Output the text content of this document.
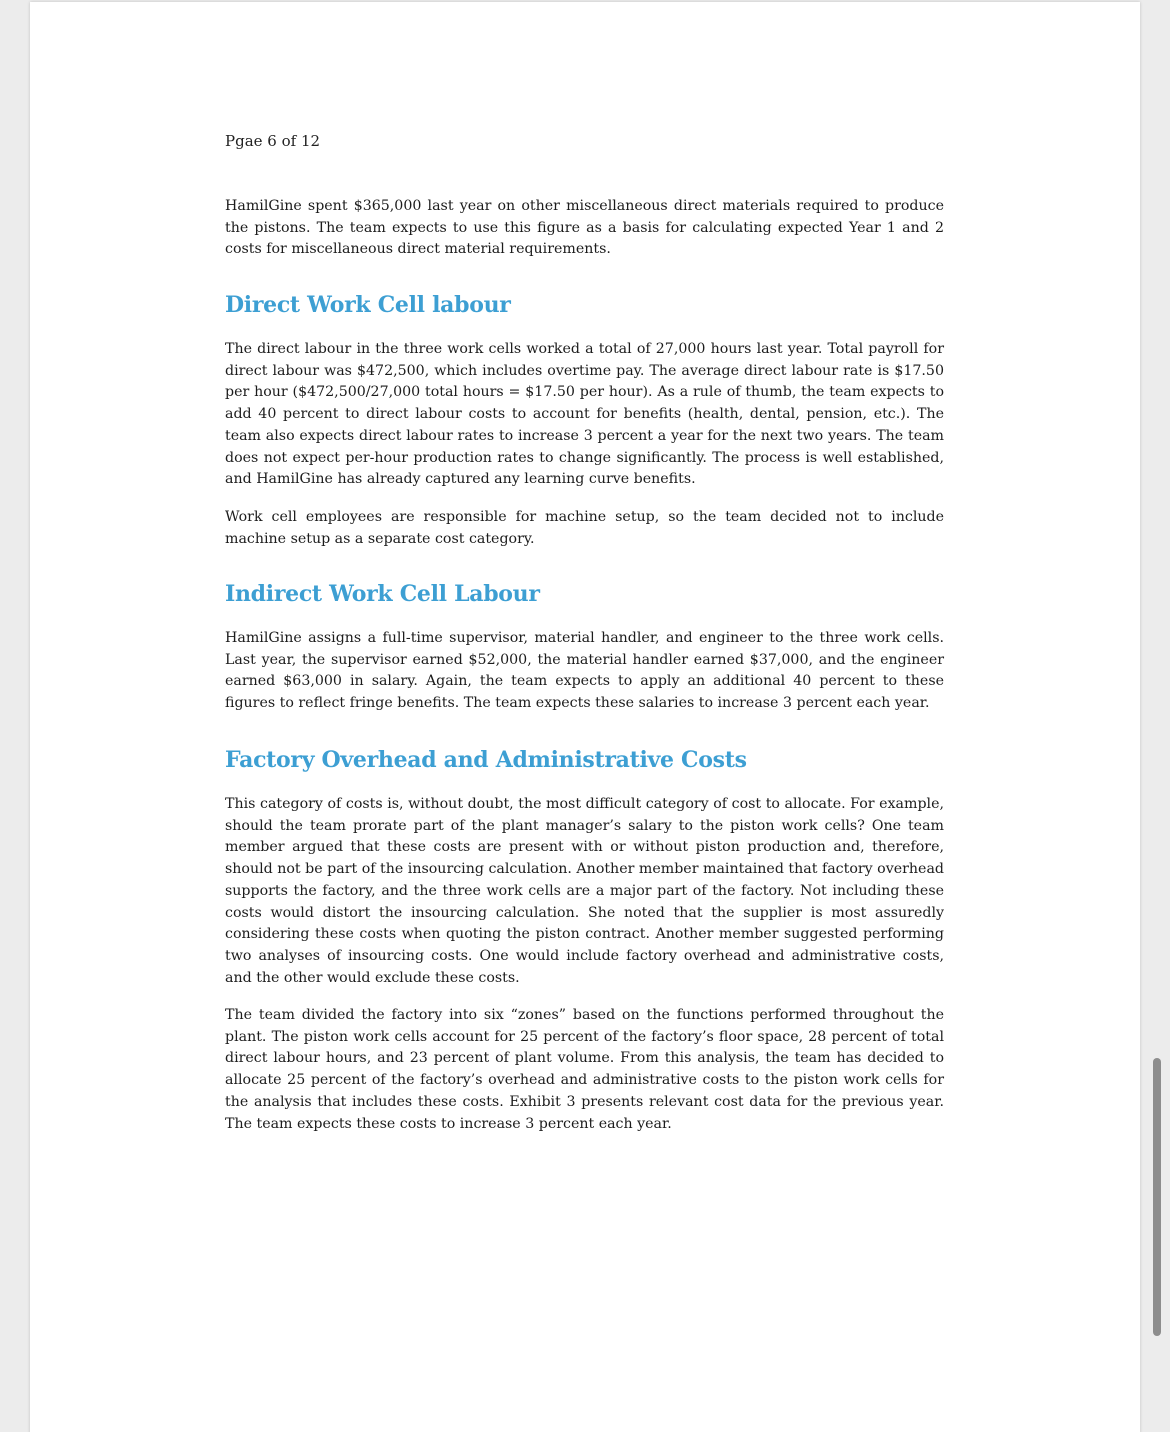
Pgae 6 of 12

HamilGine spent $365,000 last year on other miscellaneous direct materials required to produce the pistons. The team expects to use this figure as a basis for calculating expected Year 1 and 2 costs for miscellaneous direct material requirements.

Direct Work Cell labour

The direct labour in the three work cells worked a total of 27,000 hours last year. Total payroll for direct labour was $472,500, which includes overtime pay. The average direct labour rate is $17.50 per hour ($472,500/27,000 total hours = $17.50 per hour). As a rule of thumb, the team expects to add 40 percent to direct labour costs to account for benefits (health, dental, pension, etc.). The team also expects direct labour rates to increase 3 percent a year for the next two years. The team does not expect per-hour production rates to change significantly. The process is well established, and HamilGine has already captured any learning curve benefits.

Work cell employees are responsible for machine setup, so the team decided not to include machine setup as a separate cost category.

Indirect Work Cell Labour

HamilGine assigns a full-time supervisor, material handler, and engineer to the three work cells. Last year, the supervisor earned $52,000, the material handler earned $37,000, and the engineer earned $63,000 in salary. Again, the team expects to apply an additional 40 percent to these figures to reflect fringe benefits. The team expects these salaries to increase 3 percent each year.

Factory Overhead and Administrative Costs

This category of costs is, without doubt, the most difficult category of cost to allocate. For example, should the team prorate part of the plant manager’s salary to the piston work cells? One team member argued that these costs are present with or without piston production and, therefore, should not be part of the insourcing calculation. Another member maintained that factory overhead supports the factory, and the three work cells are a major part of the factory. Not including these costs would distort the insourcing calculation. She noted that the supplier is most assuredly considering these costs when quoting the piston contract. Another member suggested performing two analyses of insourcing costs. One would include factory overhead and administrative costs, and the other would exclude these costs.

The team divided the factory into six “zones” based on the functions performed throughout the plant. The piston work cells account for 25 percent of the factory’s floor space, 28 percent of total direct labour hours, and 23 percent of plant volume. From this analysis, the team has decided to allocate 25 percent of the factory’s overhead and administrative costs to the piston work cells for the analysis that includes these costs. Exhibit 3 presents relevant cost data for the previous year. The team expects these costs to increase 3 percent each year.
